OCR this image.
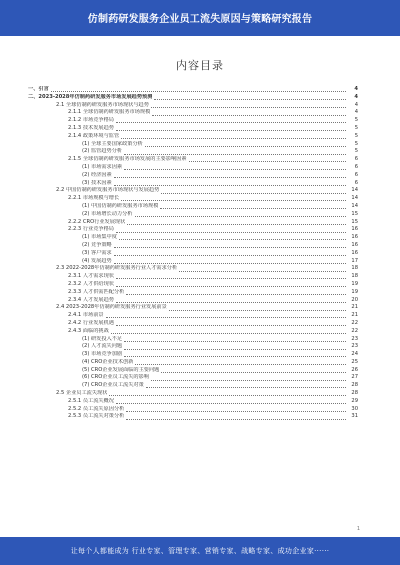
仿制药研发服务企业员工流失原因与策略研究报告
内容目录
一、引言	4
二、2023-2028年仿制药研发服务市场发展趋势预测	4
2.1 全球仿制药研发服务市场现状与趋势	4
2.1.1 全球仿制药研发服务市场规模	4
2.1.2 市场竞争格局	5
2.1.3 技术发展趋势	5
2.1.4 政策环境与监管	5
(1) 全球主要国家政策分析	5
(2) 监管趋势分析	5
2.1.5 全球仿制药研发服务市场发展的主要影响因素	6
(1) 市场需求因素	6
(2) 经济因素	6
(3) 技术因素	6
2.2 中国仿制药研发服务市场现状与发展趋势	14
2.2.1 市场规模与增长	14
(1) 中国仿制药研发服务市场规模	14
(2) 市场增长动力分析	15
2.2.2 CRO行业发展现状	15
2.2.3 行业竞争格局	16
(1) 市场集中度	16
(2) 竞争策略	16
(3) 客户需求	16
(4) 发展趋势	17
2.3 2022-2028年仿制药研发服务行业人才需求分析	18
2.3.1 人才需求现状	18
2.3.2 人才供给现状	19
2.3.3 人才供需匹配分析	19
2.3.4 人才发展趋势	20
2.4 2023-2028年仿制药研发服务行业发展前景	21
2.4.1 市场前景	21
2.4.2 行业发展机遇	22
2.4.3 面临的挑战	22
(1) 研发投入不足	23
(2) 人才流失问题	23
(3) 市场竞争加剧	24
(4) CRO企业技术创新	25
(5) CRO企业发展面临的主要问题	26
(6) CRO企业员工流失的影响	27
(7) CRO企业员工流失对策	28
2.5 企业员工流失现状	28
2.5.1 员工流失概况	29
2.5.2 员工流失原因分析	30
2.5.3 员工流失对策分析	31
1
让每个人都能成为 行业专家、管理专家、营销专家、战略专家、成功企业家······
